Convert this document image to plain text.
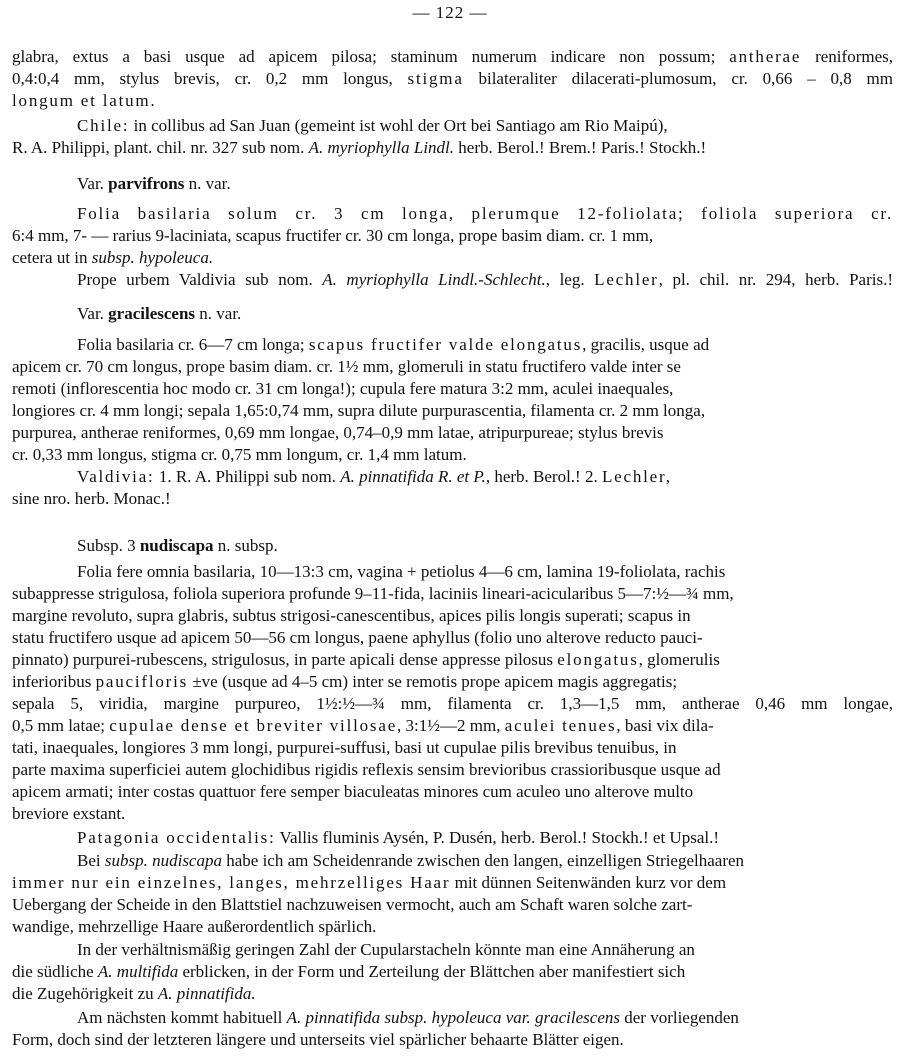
— 122 —
glabra, extus a basi usque ad apicem pilosa; staminum numerum indicare non possum; antherae reniformes,
0,4:0,4 mm, stylus brevis, cr. 0,2 mm longus, stigma bilateraliter dilacerati-plumosum, cr. 0,66 – 0,8 mm
longum et latum.
Chile: in collibus ad San Juan (gemeint ist wohl der Ort bei Santiago am Rio Maipú),
R. A. Philippi, plant. chil. nr. 327 sub nom. A. myriophylla Lindl. herb. Berol.! Brem.! Paris.! Stockh.!
Var. parvifrons n. var.
Folia basilaria solum cr. 3 cm longa, plerumque 12-foliolata; foliola superiora cr.
6:4 mm, 7- — rarius 9-laciniata, scapus fructifer cr. 30 cm longa, prope basim diam. cr. 1 mm,
cetera ut in subsp. hypoleuca.
Prope urbem Valdivia sub nom. A. myriophylla Lindl.-Schlecht., leg. Lechler, pl. chil. nr. 294, herb. Paris.!
Var. gracilescens n. var.
Folia basilaria cr. 6—7 cm longa; scapus fructifer valde elongatus, gracilis, usque ad
apicem cr. 70 cm longus, prope basim diam. cr. 1½ mm, glomeruli in statu fructifero valde inter se
remoti (inflorescentia hoc modo cr. 31 cm longa!); cupula fere matura 3:2 mm, aculei inaequales,
longiores cr. 4 mm longi; sepala 1,65:0,74 mm, supra dilute purpurascentia, filamenta cr. 2 mm longa,
purpurea, antherae reniformes, 0,69 mm longae, 0,74–0,9 mm latae, atripurpureae; stylus brevis
cr. 0,33 mm longus, stigma cr. 0,75 mm longum, cr. 1,4 mm latum.
Valdivia: 1. R. A. Philippi sub nom. A. pinnatifida R. et P., herb. Berol.! 2. Lechler,
sine nro. herb. Monac.!
Subsp. 3 nudiscapa n. subsp.
Folia fere omnia basilaria, 10—13:3 cm, vagina + petiolus 4—6 cm, lamina 19-foliolata, rachis
subappresse strigulosa, foliola superiora profunde 9–11-fida, laciniis lineari-acicularibus 5—7:½—¾ mm,
margine revoluto, supra glabris, subtus strigosi-canescentibus, apices pilis longis superati; scapus in
statu fructifero usque ad apicem 50—56 cm longus, paene aphyllus (folio uno alterove reducto pauci-
pinnato) purpurei-rubescens, strigulosus, in parte apicali dense appresse pilosus elongatus, glomerulis
inferioribus paucifloris ±ve (usque ad 4–5 cm) inter se remotis prope apicem magis aggregatis;
sepala 5, viridia, margine purpureo, 1½:½—¾ mm, filamenta cr. 1,3—1,5 mm, antherae 0,46 mm longae,
0,5 mm latae; cupulae dense et breviter villosae, 3:1½—2 mm, aculei tenues, basi vix dila-
tati, inaequales, longiores 3 mm longi, purpurei-suffusi, basi ut cupulae pilis brevibus tenuibus, in
parte maxima superficiei autem glochidibus rigidis reflexis sensim brevioribus crassioribusque usque ad
apicem armati; inter costas quattuor fere semper biaculeatas minores cum aculeo uno alterove multo
breviore exstant.
Patagonia occidentalis: Vallis fluminis Aysén, P. Dusén, herb. Berol.! Stockh.! et Upsal.!
Bei subsp. nudiscapa habe ich am Scheidenrande zwischen den langen, einzelligen Striegelhaaren
immer nur ein einzelnes, langes, mehrzelliges Haar mit dünnen Seitenwänden kurz vor dem
Uebergang der Scheide in den Blattstiel nachzuweisen vermocht, auch am Schaft waren solche zart-
wandige, mehrzellige Haare außerordentlich spärlich.
In der verhältnismäßig geringen Zahl der Cupularstacheln könnte man eine Annäherung an
die südliche A. multifida erblicken, in der Form und Zerteilung der Blättchen aber manifestiert sich
die Zugehörigkeit zu A. pinnatifida.
Am nächsten kommt habituell A. pinnatifida subsp. hypoleuca var. gracilescens der vorliegenden
Form, doch sind der letzteren längere und unterseits viel spärlicher behaarte Blätter eigen.
